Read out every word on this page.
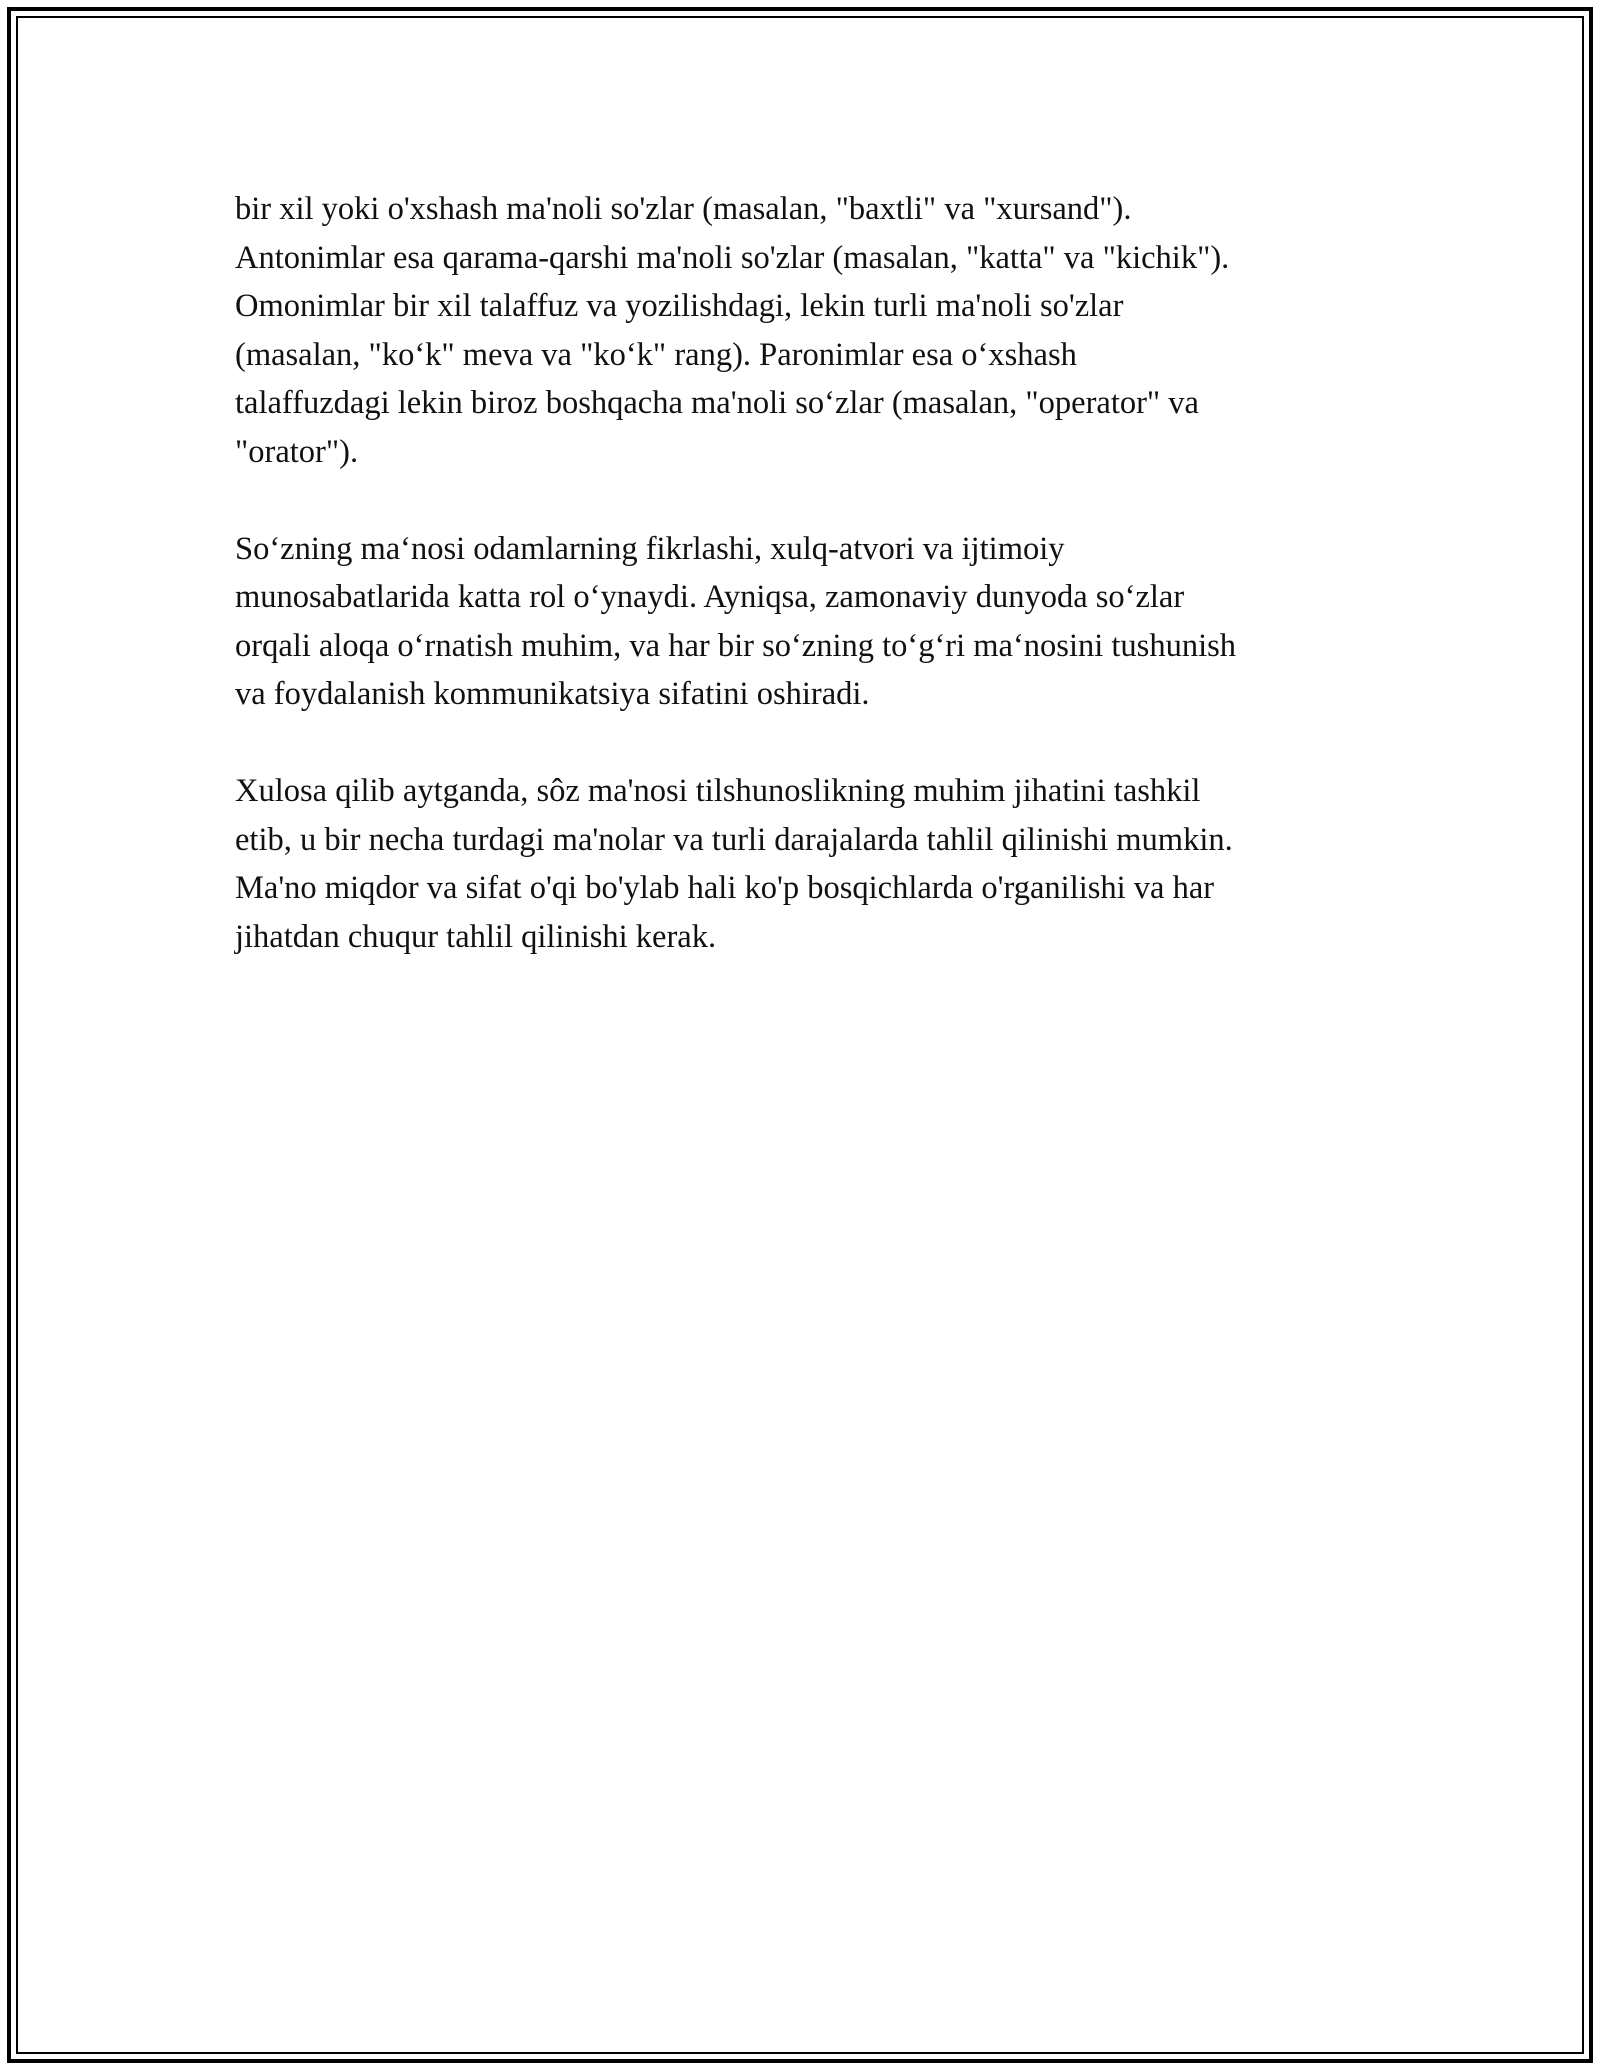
bir xil yoki o'xshash ma'noli so'zlar (masalan, "baxtli" va "xursand").
Antonimlar esa qarama-qarshi ma'noli so'zlar (masalan, "katta" va "kichik").
Omonimlar bir xil talaffuz va yozilishdagi, lekin turli ma'noli so'zlar
(masalan, "ko‘k" meva va "ko‘k" rang). Paronimlar esa o‘xshash
talaffuzdagi lekin biroz boshqacha ma'noli so‘zlar (masalan, "operator" va
"orator").

So‘zning ma‘nosi odamlarning fikrlashi, xulq-atvori va ijtimoiy
munosabatlarida katta rol o‘ynaydi. Ayniqsa, zamonaviy dunyoda so‘zlar
orqali aloqa o‘rnatish muhim, va har bir so‘zning to‘g‘ri ma‘nosini tushunish
va foydalanish kommunikatsiya sifatini oshiradi.

Xulosa qilib aytganda, sôz ma'nosi tilshunoslikning muhim jihatini tashkil
etib, u bir necha turdagi ma'nolar va turli darajalarda tahlil qilinishi mumkin.
Ma'no miqdor va sifat o'qi bo'ylab hali ko'p bosqichlarda o'rganilishi va har
jihatdan chuqur tahlil qilinishi kerak.
